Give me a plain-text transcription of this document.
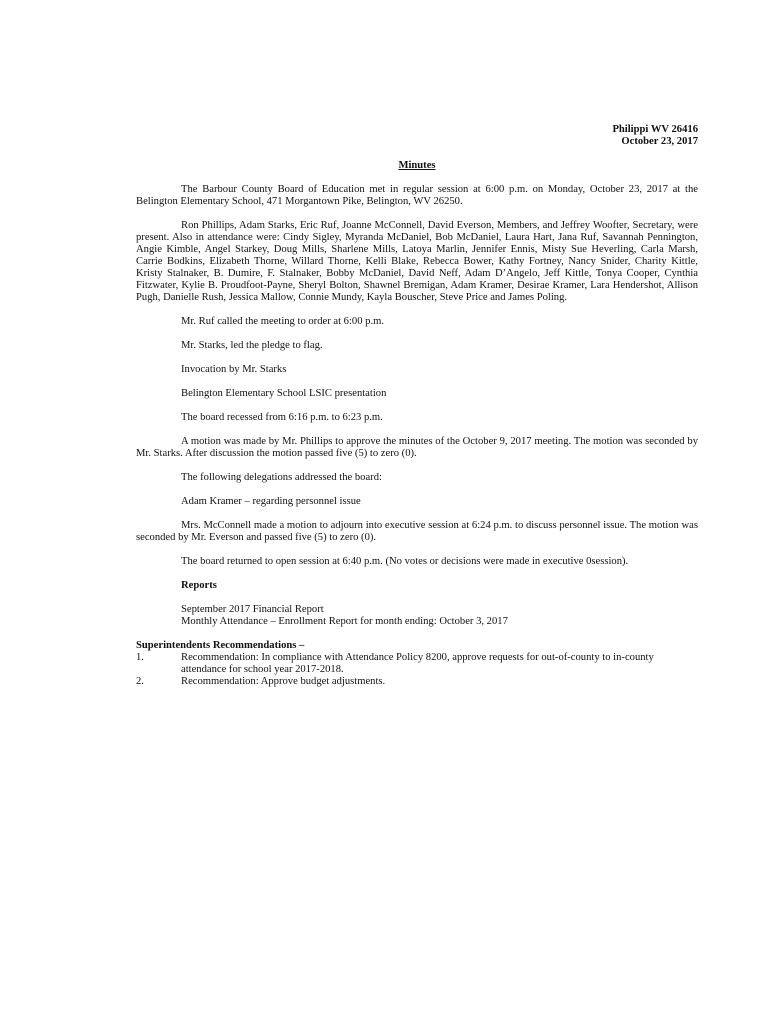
Philippi WV 26416
October 23, 2017
Minutes

The Barbour County Board of Education met in regular session at 6:00 p.m. on Monday, October 23, 2017 at the Belington Elementary School, 471 Morgantown Pike, Belington, WV 26250.

Ron Phillips, Adam Starks, Eric Ruf, Joanne McConnell, David Everson, Members, and Jeffrey Woofter, Secretary, were present. Also in attendance were: Cindy Sigley, Myranda McDaniel, Bob McDaniel, Laura Hart, Jana Ruf, Savannah Pennington, Angie Kimble, Angel Starkey, Doug Mills, Sharlene Mills, Latoya Marlin, Jennifer Ennis, Misty Sue Heverling, Carla Marsh, Carrie Bodkins, Elizabeth Thorne, Willard Thorne, Kelli Blake, Rebecca Bower, Kathy Fortney, Nancy Snider, Charity Kittle, Kristy Stalnaker, B. Dumire, F. Stalnaker, Bobby McDaniel, David Neff, Adam D’Angelo, Jeff Kittle, Tonya Cooper, Cynthia Fitzwater, Kylie B. Proudfoot-Payne, Sheryl Bolton, Shawnel Bremigan, Adam Kramer, Desirae Kramer, Lara Hendershot, Allison Pugh, Danielle Rush, Jessica Mallow, Connie Mundy, Kayla Bouscher, Steve Price and James Poling.

Mr. Ruf called the meeting to order at 6:00 p.m.

Mr. Starks, led the pledge to flag.

Invocation by Mr. Starks

Belington Elementary School LSIC presentation

The board recessed from 6:16 p.m. to 6:23 p.m.

A motion was made by Mr. Phillips to approve the minutes of the October 9, 2017 meeting. The motion was seconded by Mr. Starks. After discussion the motion passed five (5) to zero (0).

The following delegations addressed the board:

Adam Kramer – regarding personnel issue

Mrs. McConnell made a motion to adjourn into executive session at 6:24 p.m. to discuss personnel issue. The motion was seconded by Mr. Everson and passed five (5) to zero (0).

The board returned to open session at 6:40 p.m. (No votes or decisions were made in executive 0session).

Reports

September 2017 Financial Report

Monthly Attendance – Enrollment Report for month ending: October 3, 2017

Superintendents Recommendations –

1.	Recommendation: In compliance with Attendance Policy 8200, approve requests for out-of-county to in-county attendance for school year 2017-2018.
2.	Recommendation: Approve budget adjustments.
